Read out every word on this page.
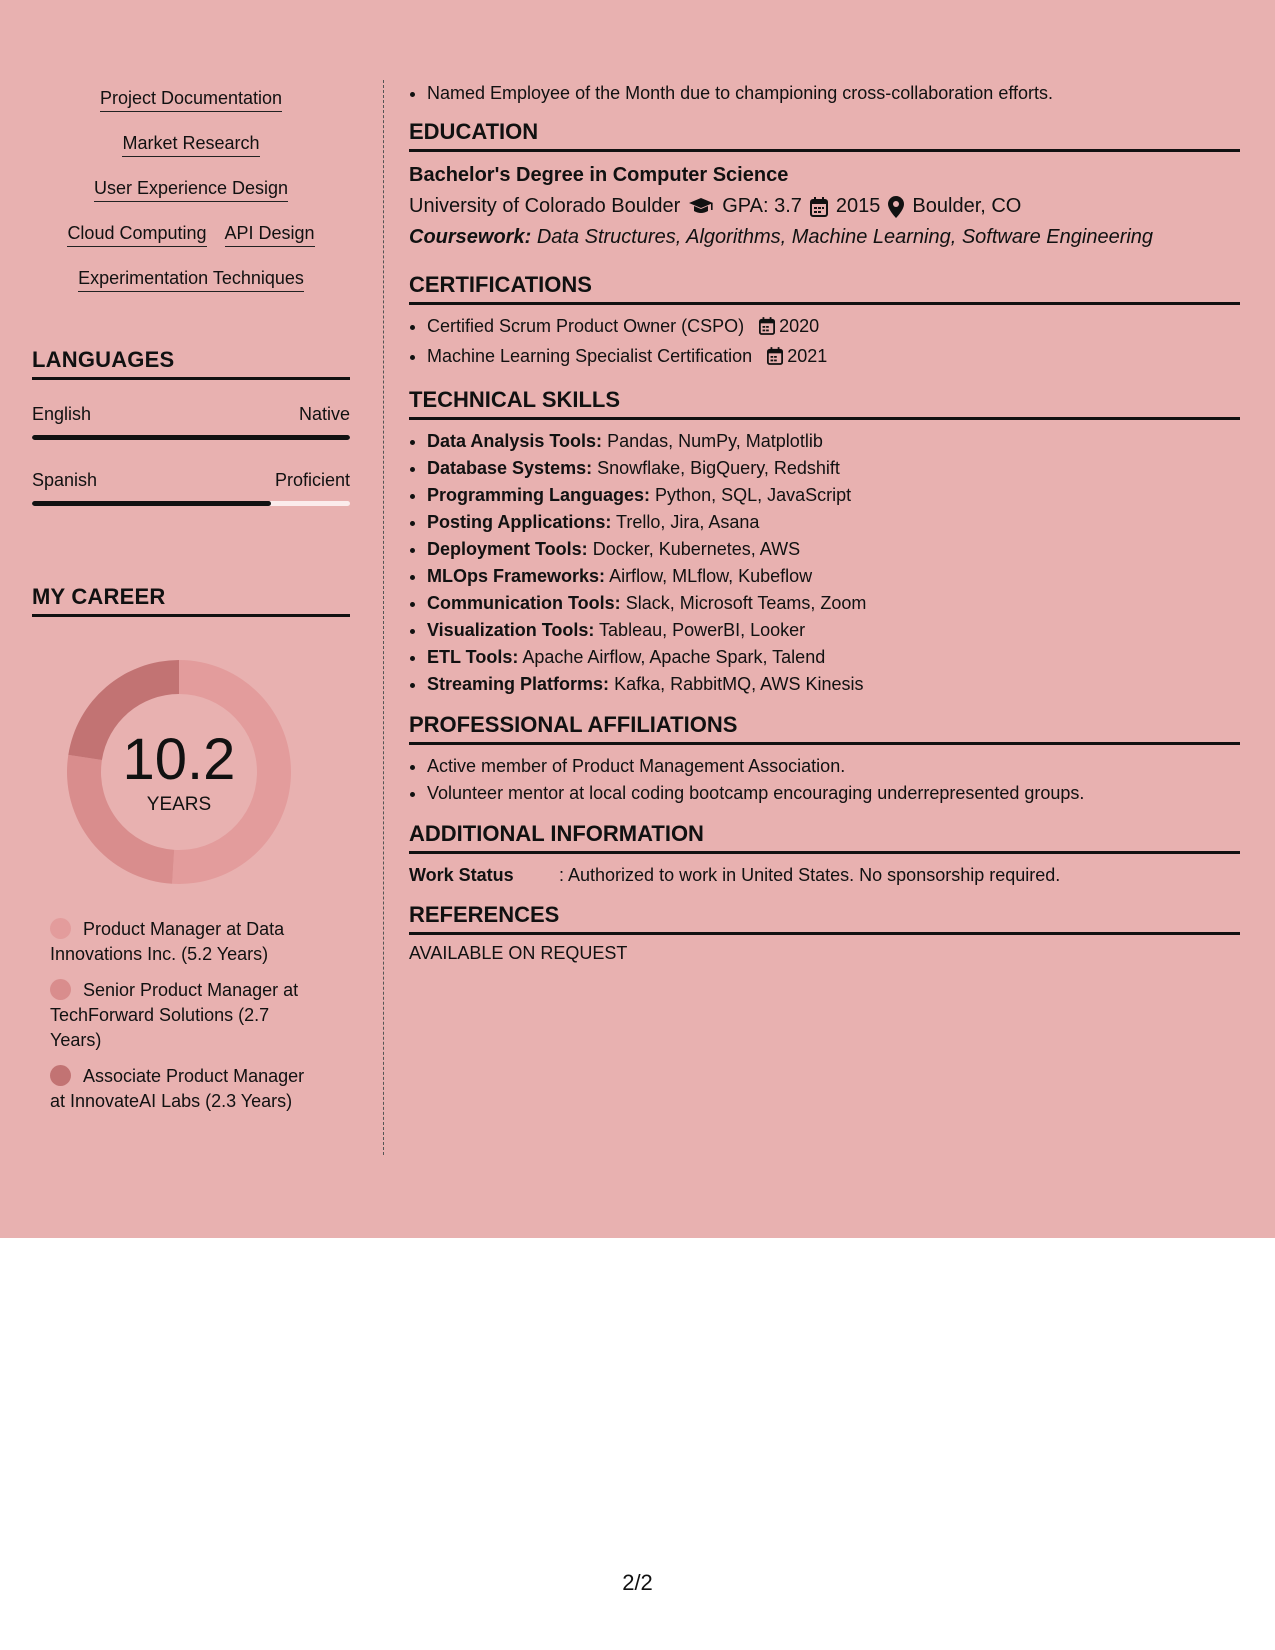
Project Documentation
Market Research
User Experience Design
Cloud Computing API Design
Experimentation Techniques
LANGUAGES
English	Native
Spanish	Proficient
MY CAREER
10.2
YEARS
Product Manager at Data Innovations Inc. (5.2 Years)
Senior Product Manager at TechForward Solutions (2.7 Years)
Associate Product Manager at InnovateAI Labs (2.3 Years)
• Named Employee of the Month due to championing cross-collaboration efforts.
EDUCATION
Bachelor's Degree in Computer Science
University of Colorado Boulder GPA: 3.7 2015 Boulder, CO
Coursework: Data Structures, Algorithms, Machine Learning, Software Engineering
CERTIFICATIONS
• Certified Scrum Product Owner (CSPO) 2020
• Machine Learning Specialist Certification 2021
TECHNICAL SKILLS
• Data Analysis Tools: Pandas, NumPy, Matplotlib
• Database Systems: Snowflake, BigQuery, Redshift
• Programming Languages: Python, SQL, JavaScript
• Posting Applications: Trello, Jira, Asana
• Deployment Tools: Docker, Kubernetes, AWS
• MLOps Frameworks: Airflow, MLflow, Kubeflow
• Communication Tools: Slack, Microsoft Teams, Zoom
• Visualization Tools: Tableau, PowerBI, Looker
• ETL Tools: Apache Airflow, Apache Spark, Talend
• Streaming Platforms: Kafka, RabbitMQ, AWS Kinesis
PROFESSIONAL AFFILIATIONS
• Active member of Product Management Association.
• Volunteer mentor at local coding bootcamp encouraging underrepresented groups.
ADDITIONAL INFORMATION
Work Status	: Authorized to work in United States. No sponsorship required.
REFERENCES
AVAILABLE ON REQUEST
2/2
